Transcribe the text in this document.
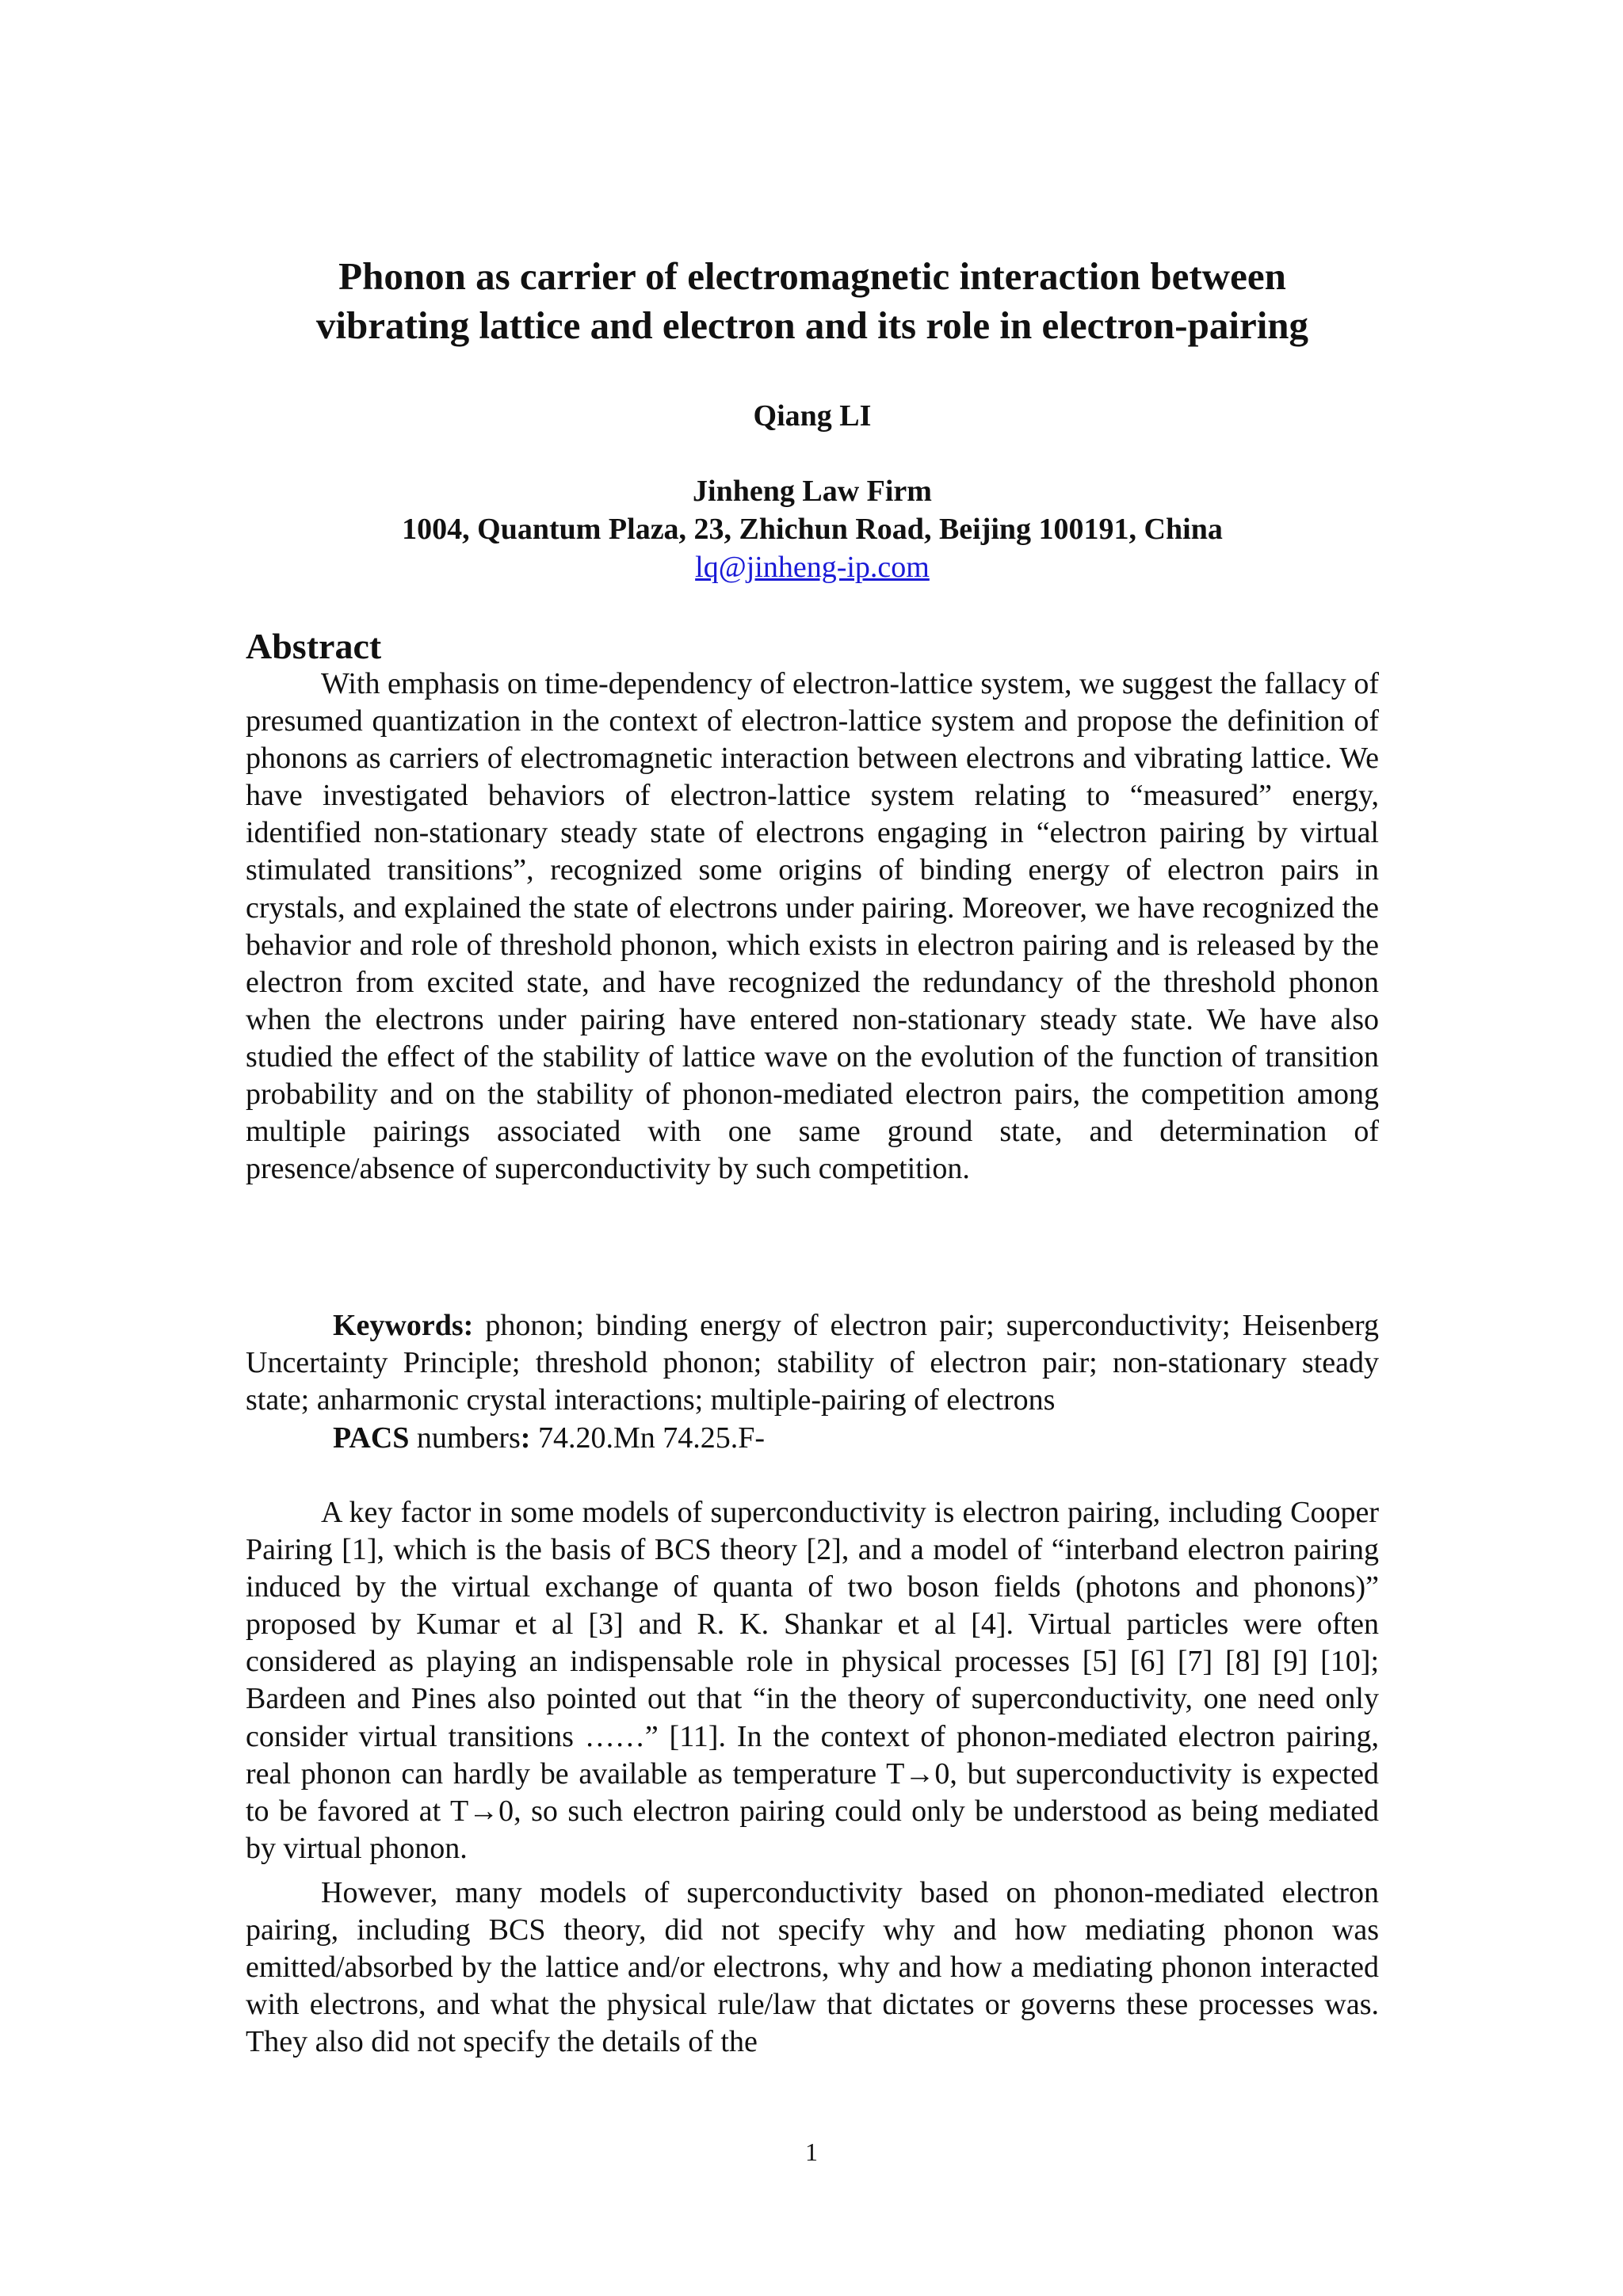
Phonon as carrier of electromagnetic interaction between
vibrating lattice and electron and its role in electron-pairing
Qiang LI
Jinheng Law Firm
1004, Quantum Plaza, 23, Zhichun Road, Beijing 100191, China
lq@jinheng-ip.com
Abstract
With emphasis on time-dependency of electron-lattice system, we suggest the fallacy of presumed quantization in the context of electron-lattice system and propose the definition of phonons as carriers of electromagnetic interaction between electrons and vibrating lattice. We have investigated behaviors of electron-lattice system relating to “measured” energy, identified non-stationary steady state of electrons engaging in “electron pairing by virtual stimulated transitions”, recognized some origins of binding energy of electron pairs in crystals, and explained the state of electrons under pairing. Moreover, we have recognized the behavior and role of threshold phonon, which exists in electron pairing and is released by the electron from excited state, and have recognized the redundancy of the threshold phonon when the electrons under pairing have entered non-stationary steady state. We have also studied the effect of the stability of lattice wave on the evolution of the function of transition probability and on the stability of phonon-mediated electron pairs, the competition among multiple pairings associated with one same ground state, and determination of presence/absence of superconductivity by such competition.
Keywords: phonon; binding energy of electron pair; superconductivity; Heisenberg Uncertainty Principle; threshold phonon; stability of electron pair; non-stationary steady state; anharmonic crystal interactions; multiple-pairing of electrons
PACS numbers: 74.20.Mn 74.25.F-

A key factor in some models of superconductivity is electron pairing, including Cooper Pairing [1], which is the basis of BCS theory [2], and a model of “interband electron pairing induced by the virtual exchange of quanta of two boson fields (photons and phonons)” proposed by Kumar et al [3] and R. K. Shankar et al [4]. Virtual particles were often considered as playing an indispensable role in physical processes [5] [6] [7] [8] [9] [10]; Bardeen and Pines also pointed out that “in the theory of superconductivity, one need only consider virtual transitions ……” [11]. In the context of phonon-mediated electron pairing, real phonon can hardly be available as temperature T→0, but superconductivity is expected to be favored at T→0, so such electron pairing could only be understood as being mediated by virtual phonon.

However, many models of superconductivity based on phonon-mediated electron pairing, including BCS theory, did not specify why and how mediating phonon was emitted/absorbed by the lattice and/or electrons, why and how a mediating phonon interacted with electrons, and what the physical rule/law that dictates or governs these processes was. They also did not specify the details of the

1
